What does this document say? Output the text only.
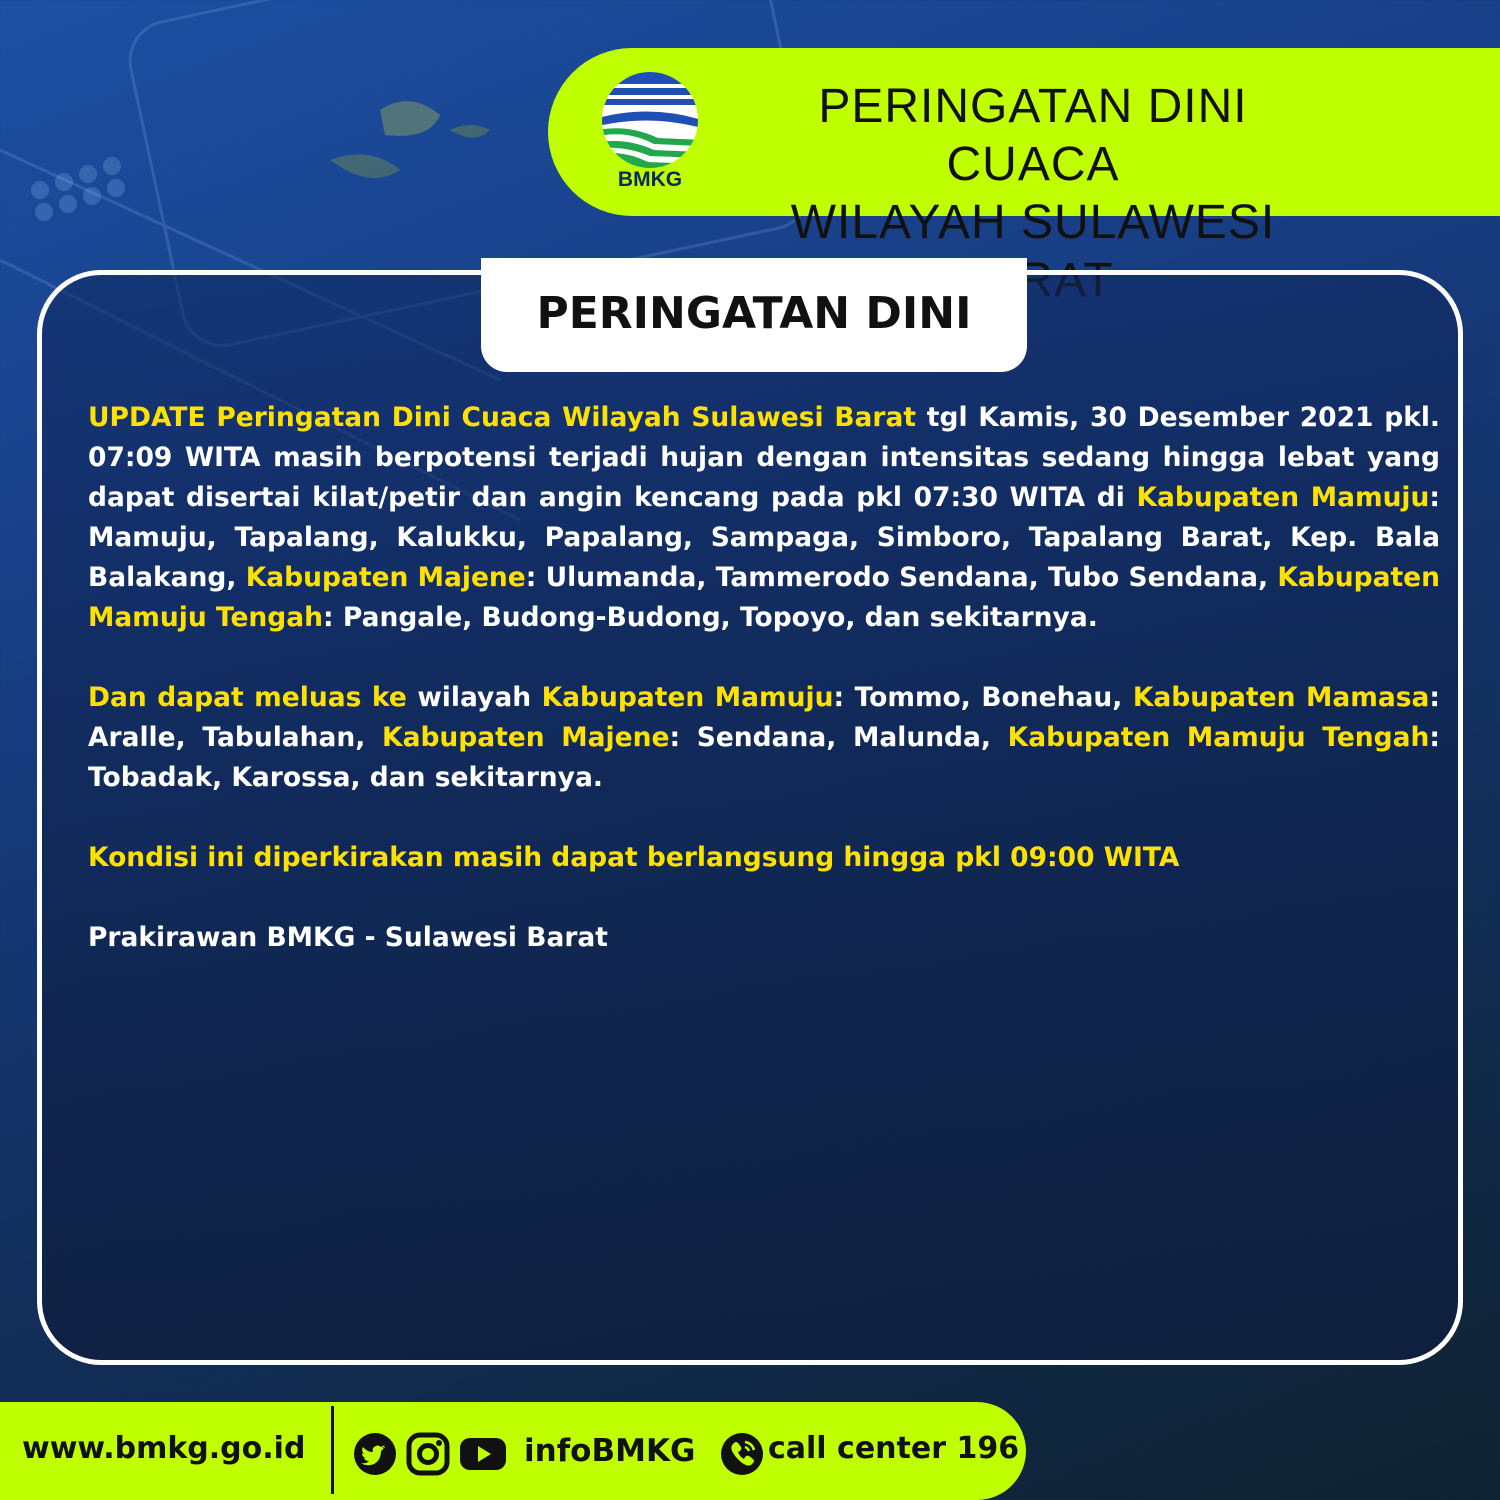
BMKG
PERINGATAN DINI CUACA
WILAYAH SULAWESI
PERINGATAN DINI

UPDATE Peringatan Dini Cuaca Wilayah Sulawesi Barat tgl Kamis, 30 Desember 2021 pkl. 07:09 WITA masih berpotensi terjadi hujan dengan intensitas sedang hingga lebat yang dapat disertai kilat/petir dan angin kencang pada pkl 07:30 WITA di Kabupaten Mamuju: Mamuju, Tapalang, Kalukku, Papalang, Sampaga, Simboro, Tapalang Barat, Kep. Bala Balakang, Kabupaten Majene: Ulumanda, Tammerodo Sendana, Tubo Sendana, Kabupaten Mamuju Tengah: Pangale, Budong-Budong, Topoyo, dan sekitarnya.

Dan dapat meluas ke wilayah Kabupaten Mamuju: Tommo, Bonehau, Kabupaten Mamasa: Aralle, Tabulahan, Kabupaten Majene: Sendana, Malunda, Kabupaten Mamuju Tengah: Tobadak, Karossa, dan sekitarnya.

Kondisi ini diperkirakan masih dapat berlangsung hingga pkl 09:00 WITA

Prakirawan BMKG - Sulawesi Barat

www.bmkg.go.id	infoBMKG call center 196
